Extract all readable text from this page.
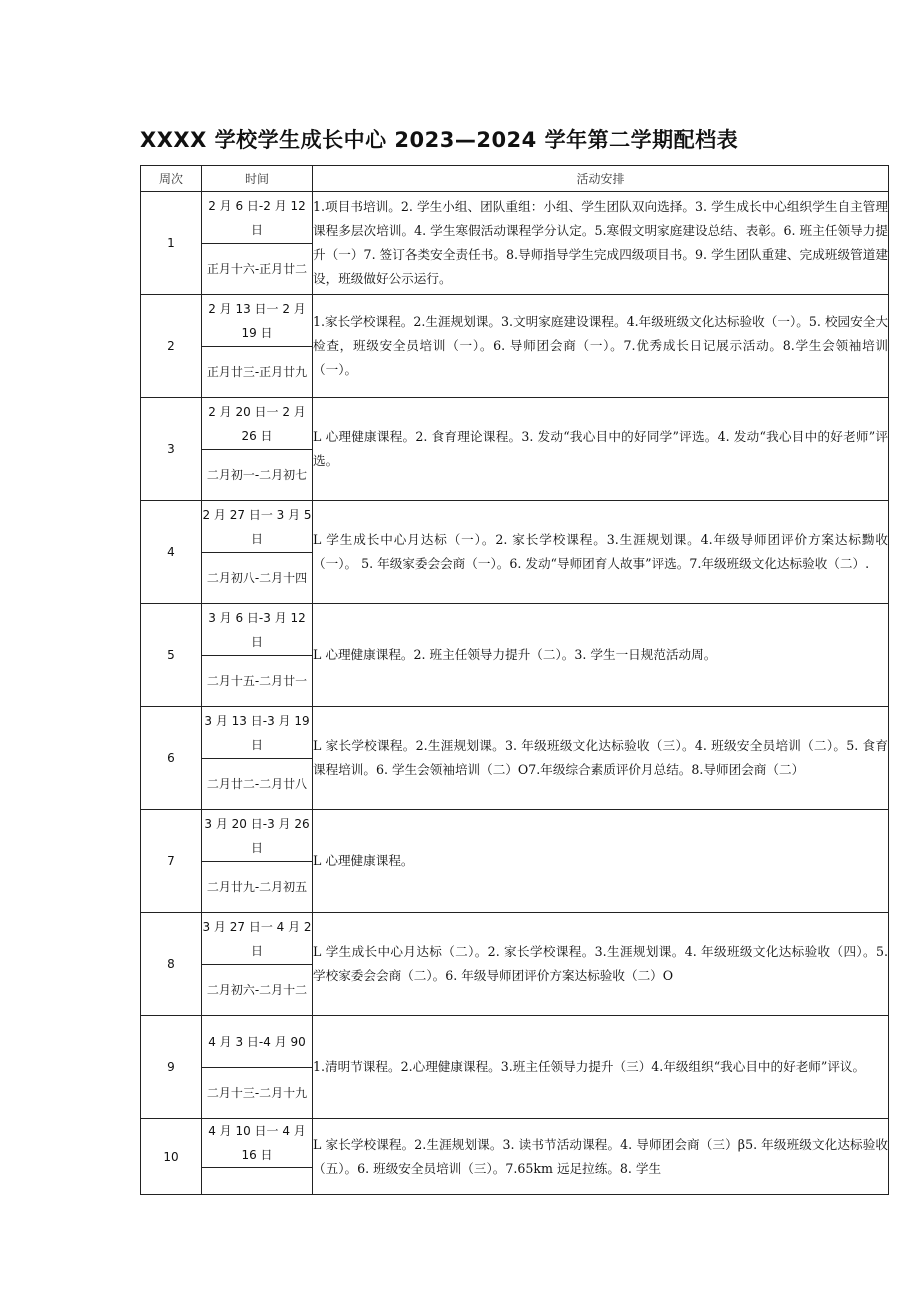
XXXX 学校学生成长中心 2023—2024 学年第二学期配档表
周次	时间	活动安排
1	2 月 6 日-2 月 12 日	1.项目书培训。2. 学生小组、团队重组：小组、学生团队双向选择。3. 学生成长中心组织学生自主管理课程多层次培训。4. 学生寒假活动课程学分认定。5.寒假文明家庭建设总结、表彰。6. 班主任领导力提升（一）7. 签订各类安全责任书。8.导师指导学生完成四级项目书。9. 学生团队重建、完成班级管道建设，班级做好公示运行。
	正月十六-正月廿二	
2	2 月 13 日一 2 月 19 日	1.家长学校课程。2.生涯规划课。3.文明家庭建设课程。4.年级班级文化达标验收（一）。5. 校园安全大检查，班级安全员培训（一）。6. 导师团会商（一）。7.优秀成长日记展示活动。8.学生会领袖培训（一）。
	正月廿三-正月廿九	
3	2 月 20 日一 2 月 26 日	L 心理健康课程。2. 食育理论课程。3. 发动“我心目中的好同学”评选。4. 发动“我心目中的好老师”评选。
	二月初一-二月初七	
4	2 月 27 日一 3 月 5 日	L 学生成长中心月达标（一）。2. 家长学校课程。3.生涯规划课。4.年级导师团评价方案达标黝收（一）。 5. 年级家委会会商（一）。6. 发动“导师团育人故事”评选。7.年级班级文化达标验收（二）.
	二月初八-二月十四	
5	3 月 6 日-3 月 12 日	L 心理健康课程。2. 班主任领导力提升（二）。3. 学生一日规范活动周。
	二月十五-二月廿一	
6	3 月 13 日-3 月 19 日	L 家长学校课程。2.生涯规划课。3. 年级班级文化达标验收（三）。4. 班级安全员培训（二）。5. 食育课程培训。6. 学生会领袖培训（二）O7.年级综合素质评价月总结。8.导师团会商（二）
	二月廿二-二月廿八	
7	3 月 20 日-3 月 26 日	L 心理健康课程。
	二月廿九-二月初五	
8	3 月 27 日一 4 月 2 日	L 学生成长中心月达标（二）。2. 家长学校课程。3.生涯规划课。4. 年级班级文化达标验收（四）。5. 学校家委会会商（二）。6. 年级导师团评价方案达标验收（二）O
	二月初六-二月十二	
9	4 月 3 日-4 月 90	1.清明节课程。2.心理健康课程。3.班主任领导力提升（三）4.年级组织“我心目中的好老师”评议。
	二月十三-二月十九	
10	4 月 10 日一 4 月 16 日	L 家长学校课程。2.生涯规划课。3. 读书节活动课程。4. 导师团会商（三）β5. 年级班级文化达标验收（五）。6. 班级安全员培训（三）。7.65km 远足拉练。8. 学生
